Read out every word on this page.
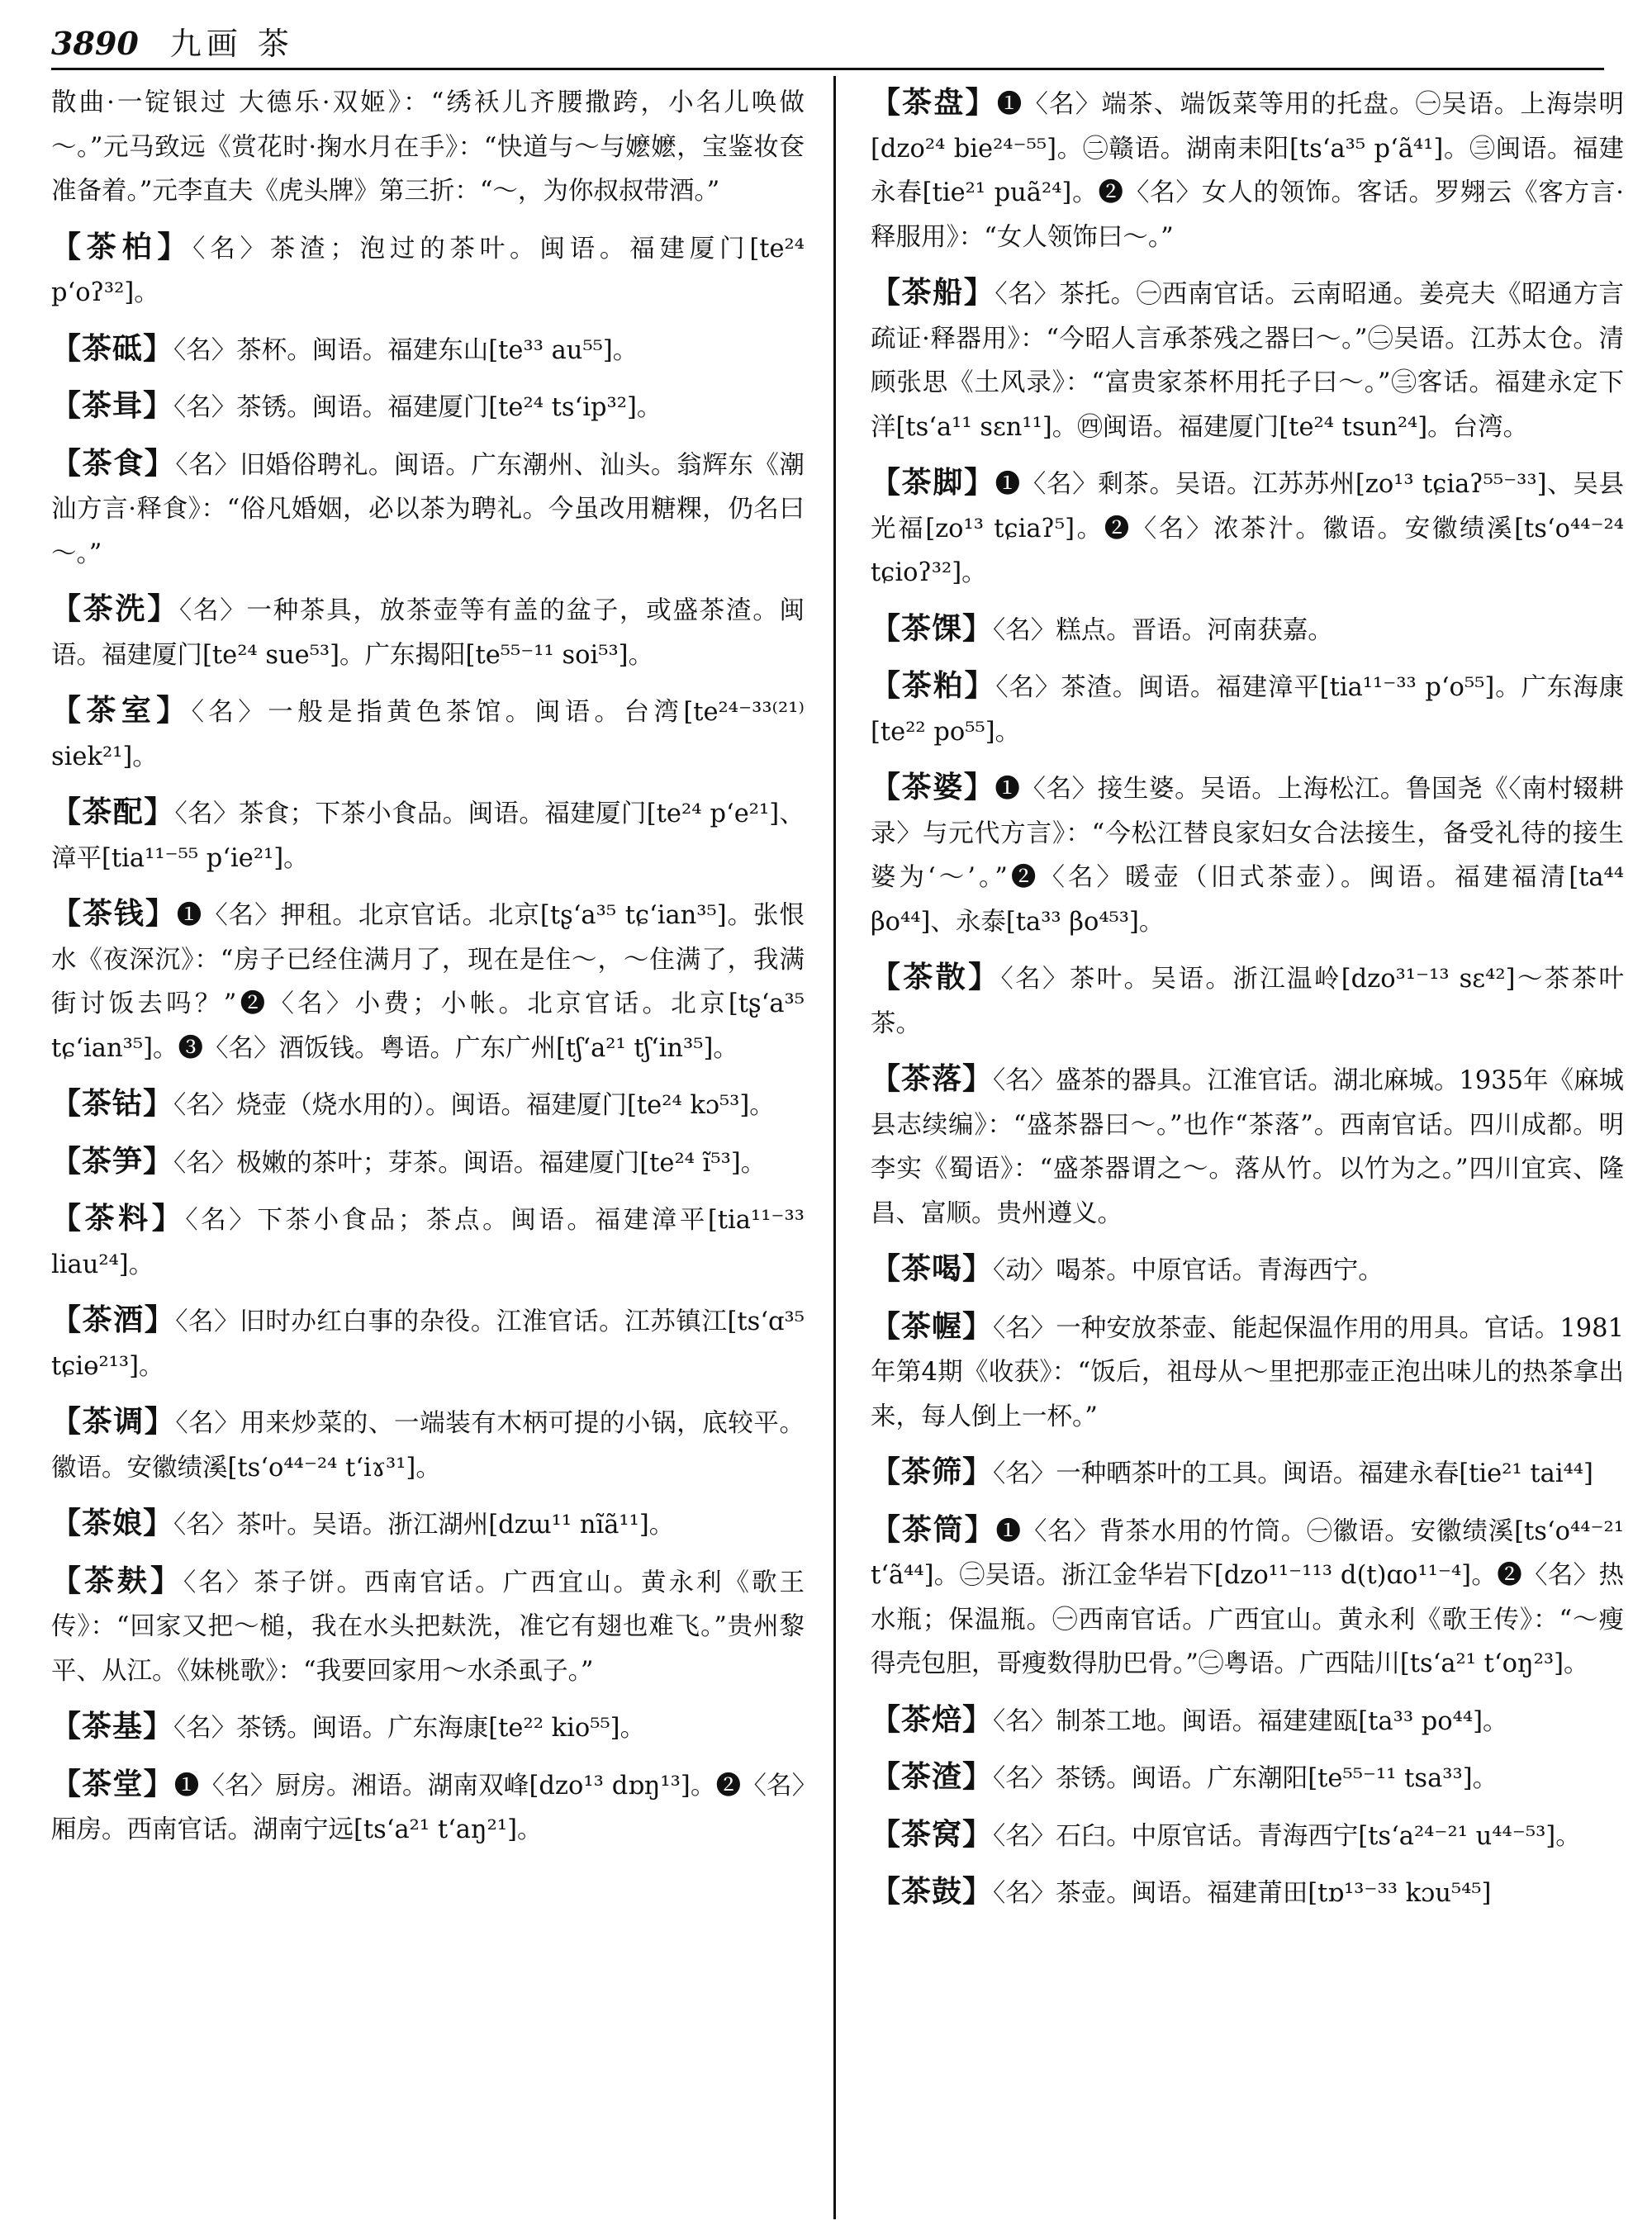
3890 九画 茶
散曲·一锭银过 大德乐·双姬》：“绣袄儿齐腰撒跨，小名儿唤做～。”元马致远《赏花时·掬水月在手》：“快道与～与嬷嬷，宝鉴妆奁准备着。”元李直夫《虎头牌》第三折：“～，为你叔叔带酒。”
【茶柏】〈名〉茶渣；泡过的茶叶。闽语。福建厦门[te²⁴ p‘oʔ³²]。
【茶砥】〈名〉茶杯。闽语。福建东山[te³³ au⁵⁵]。
【茶咠】〈名〉茶锈。闽语。福建厦门[te²⁴ ts‘ip³²]。
【茶食】〈名〉旧婚俗聘礼。闽语。广东潮州、汕头。翁辉东《潮汕方言·释食》：“俗凡婚姻，必以茶为聘礼。今虽改用糖粿，仍名曰～。”
【茶洗】〈名〉一种茶具，放茶壶等有盖的盆子，或盛茶渣。闽语。福建厦门[te²⁴ sue⁵³]。广东揭阳[te⁵⁵⁻¹¹ soi⁵³]。
【茶室】〈名〉一般是指黄色茶馆。闽语。台湾[te²⁴⁻³³⁽²¹⁾ siek²¹]。
【茶配】〈名〉茶食；下茶小食品。闽语。福建厦门[te²⁴ p‘e²¹]、漳平[tia¹¹⁻⁵⁵ p‘ie²¹]。
【茶钱】❶〈名〉押租。北京官话。北京[tʂ‘a³⁵ tɕ‘ian³⁵]。张恨水《夜深沉》：“房子已经住满月了，现在是住～，～住满了，我满街讨饭去吗？”❷〈名〉小费；小帐。北京官话。北京[tʂ‘a³⁵ tɕ‘ian³⁵]。❸〈名〉酒饭钱。粤语。广东广州[tʃ‘a²¹ tʃ‘in³⁵]。
【茶钴】〈名〉烧壶（烧水用的）。闽语。福建厦门[te²⁴ kɔ⁵³]。
【茶笋】〈名〉极嫩的茶叶；芽茶。闽语。福建厦门[te²⁴ ĩ⁵³]。
【茶料】〈名〉下茶小食品；茶点。闽语。福建漳平[tia¹¹⁻³³ liau²⁴]。
【茶酒】〈名〉旧时办红白事的杂役。江淮官话。江苏镇江[ts‘ɑ³⁵ tɕiɵ²¹³]。
【茶调】〈名〉用来炒菜的、一端装有木柄可提的小锅，底较平。徽语。安徽绩溪[ts‘o⁴⁴⁻²⁴ t‘iɤ³¹]。
【茶娘】〈名〉茶叶。吴语。浙江湖州[dzɯ¹¹ nĩã¹¹]。
【茶麸】〈名〉茶子饼。西南官话。广西宜山。黄永利《歌王传》：“回家又把～槌，我在水头把麸洗，准它有翅也难飞。”贵州黎平、从江。《妹桃歌》：“我要回家用～水杀虱子。”
【茶基】〈名〉茶锈。闽语。广东海康[te²² kio⁵⁵]。
【茶堂】❶〈名〉厨房。湘语。湖南双峰[dzo¹³ dɒŋ¹³]。❷〈名〉厢房。西南官话。湖南宁远[ts‘a²¹ t‘aŋ²¹]。
【茶盘】❶〈名〉端茶、端饭菜等用的托盘。㊀吴语。上海崇明[dzo²⁴ bie²⁴⁻⁵⁵]。㊁赣语。湖南耒阳[ts‘a³⁵ p‘ã⁴¹]。㊂闽语。福建永春[tie²¹ puã²⁴]。❷〈名〉女人的领饰。客话。罗翙云《客方言·释服用》：“女人领饰曰～。”
【茶船】〈名〉茶托。㊀西南官话。云南昭通。姜亮夫《昭通方言疏证·释器用》：“今昭人言承茶残之器曰～。”㊁吴语。江苏太仓。清顾张思《土风录》：“富贵家茶杯用托子曰～。”㊂客话。福建永定下洋[ts‘a¹¹ sɛn¹¹]。㊃闽语。福建厦门[te²⁴ tsun²⁴]。台湾。
【茶脚】❶〈名〉剩茶。吴语。江苏苏州[zo¹³ tɕiaʔ⁵⁵⁻³³]、吴县光福[zo¹³ tɕiaʔ⁵]。❷〈名〉浓茶汁。徽语。安徽绩溪[ts‘o⁴⁴⁻²⁴ tɕioʔ³²]。
【茶馃】〈名〉糕点。晋语。河南获嘉。
【茶粕】〈名〉茶渣。闽语。福建漳平[tia¹¹⁻³³ p‘o⁵⁵]。广东海康[te²² po⁵⁵]。
【茶婆】❶〈名〉接生婆。吴语。上海松江。鲁国尧《〈南村辍耕录〉与元代方言》：“今松江替良家妇女合法接生，备受礼待的接生婆为‘～’。”❷〈名〉暖壶（旧式茶壶）。闽语。福建福清[ta⁴⁴ βo⁴⁴]、永泰[ta³³ βo⁴⁵³]。
【茶散】〈名〉茶叶。吴语。浙江温岭[dzo³¹⁻¹³ sɛ⁴²]～茶茶叶茶。
【茶落】〈名〉盛茶的器具。江淮官话。湖北麻城。1935年《麻城县志续编》：“盛茶器曰～。”也作“茶落”。西南官话。四川成都。明李实《蜀语》：“盛茶器谓之～。落从竹。以竹为之。”四川宜宾、隆昌、富顺。贵州遵义。
【茶喝】〈动〉喝茶。中原官话。青海西宁。
【茶幄】〈名〉一种安放茶壶、能起保温作用的用具。官话。1981年第4期《收获》：“饭后，祖母从～里把那壶正泡出味儿的热茶拿出来，每人倒上一杯。”
【茶筛】〈名〉一种晒茶叶的工具。闽语。福建永春[tie²¹ tai⁴⁴]
【茶筒】❶〈名〉背茶水用的竹筒。㊀徽语。安徽绩溪[ts‘o⁴⁴⁻²¹ t‘ã⁴⁴]。㊁吴语。浙江金华岩下[dzo¹¹⁻¹¹³ d(t)ɑo¹¹⁻⁴]。❷〈名〉热水瓶；保温瓶。㊀西南官话。广西宜山。黄永利《歌王传》：“～瘦得壳包胆，哥瘦数得肋巴骨。”㊁粤语。广西陆川[ts‘a²¹ t‘oŋ²³]。
【茶焙】〈名〉制茶工地。闽语。福建建瓯[ta³³ po⁴⁴]。
【茶渣】〈名〉茶锈。闽语。广东潮阳[te⁵⁵⁻¹¹ tsa³³]。
【茶窝】〈名〉石臼。中原官话。青海西宁[ts‘a²⁴⁻²¹ u⁴⁴⁻⁵³]。
【茶鼓】〈名〉茶壶。闽语。福建莆田[tɒ¹³⁻³³ kɔu⁵⁴⁵]
